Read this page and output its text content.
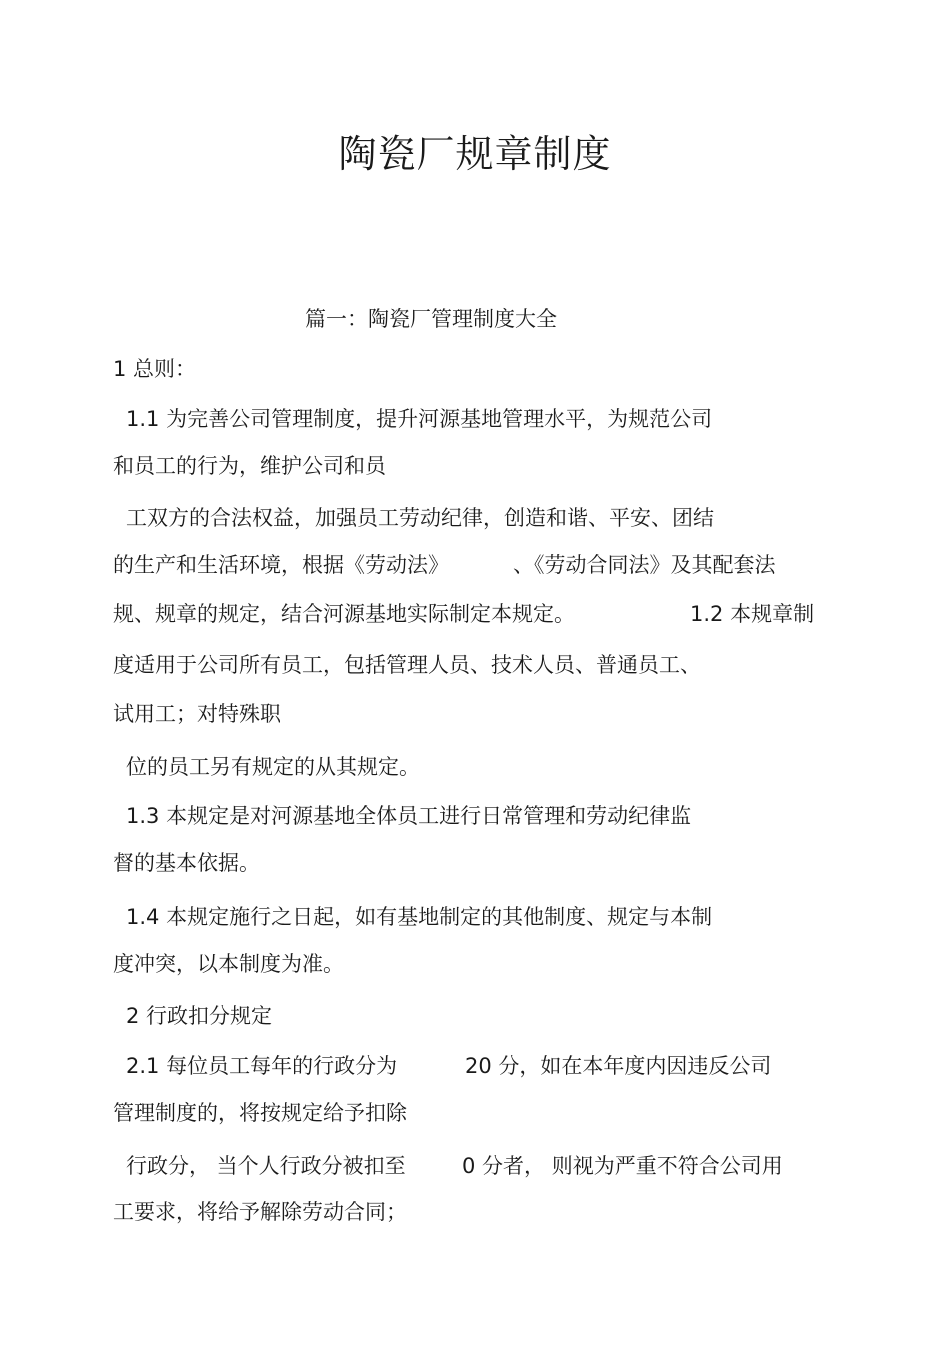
陶瓷厂规章制度
篇一：陶瓷厂管理制度大全
1 总则：
1.1 为完善公司管理制度，提升河源基地管理水平，为规范公司
和员工的行为，维护公司和员
工双方的合法权益，加强员工劳动纪律，创造和谐、平安、团结
的生产和生活环境，根据《劳动法》	、《劳动合同法》及其配套法
规、规章的规定，结合河源基地实际制定本规定。	1.2 本规章制
度适用于公司所有员工，包括管理人员、技术人员、普通员工、
试用工；对特殊职
位的员工另有规定的从其规定。
1.3 本规定是对河源基地全体员工进行日常管理和劳动纪律监
督的基本依据。
1.4 本规定施行之日起，如有基地制定的其他制度、规定与本制
度冲突，以本制度为准。
2 行政扣分规定
2.1 每位员工每年的行政分为	20 分，如在本年度内因违反公司
管理制度的，将按规定给予扣除
行政分， 当个人行政分被扣至	0 分者， 则视为严重不符合公司用
工要求，将给予解除劳动合同；
